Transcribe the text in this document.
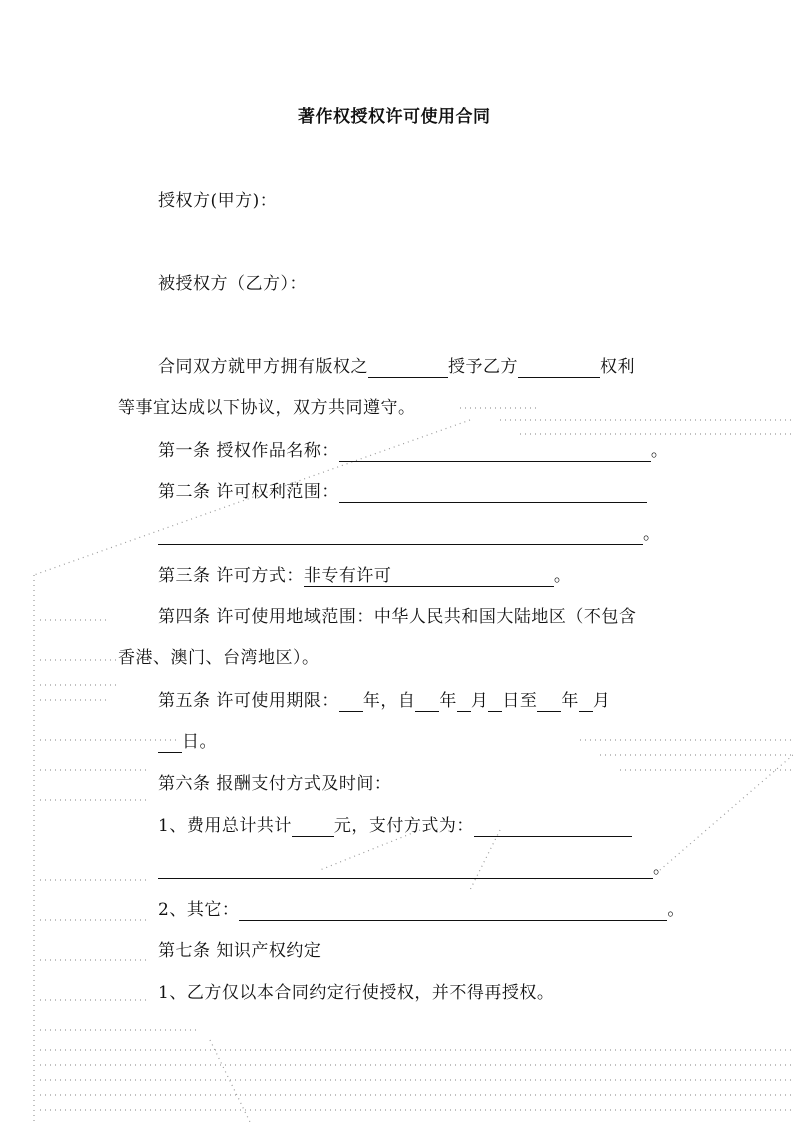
著作权授权许可使用合同
授权方(甲方)：
被授权方（乙方）：
合同双方就甲方拥有版权之	授予乙方	权利
等事宜达成以下协议，双方共同遵守。
第一条 授权作品名称：	。
第二条 许可权利范围：
。
第三条 许可方式：非专有许可	。
第四条 许可使用地域范围：中华人民共和国大陆地区（不包含
香港、澳门、台湾地区）。
第五条 许可使用期限： 年，自 年 月 日至 年 月
日。
第六条 报酬支付方式及时间：
1、费用总计共计 元，支付方式为：
。
2、其它：	。
第七条 知识产权约定
1、乙方仅以本合同约定行使授权，并不得再授权。
